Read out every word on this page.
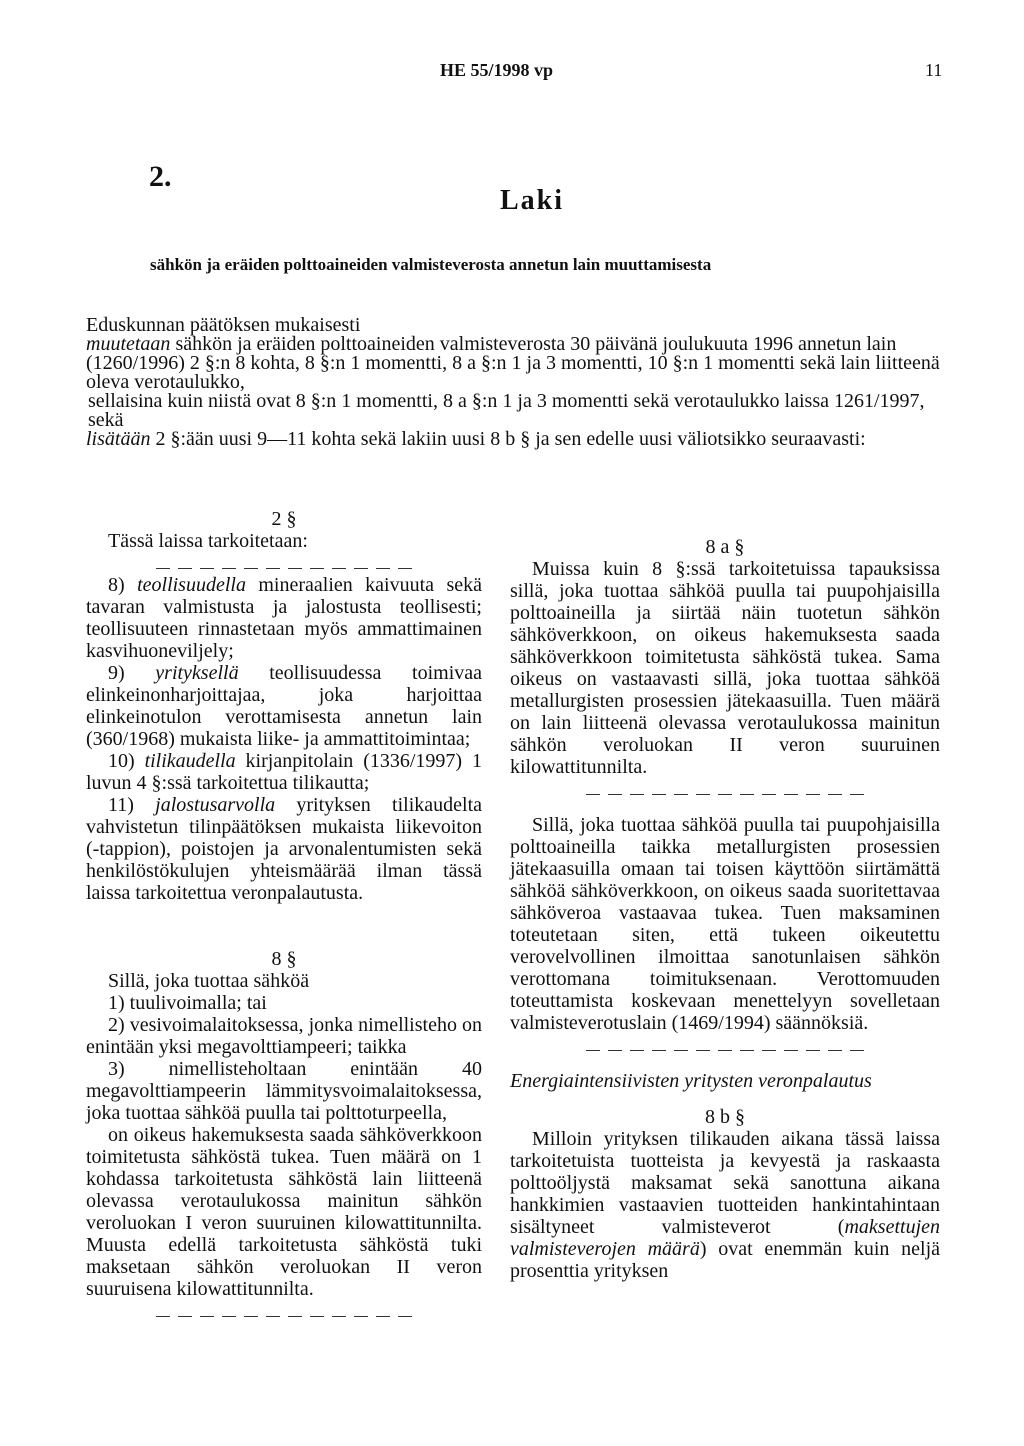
HE 55/1998 vp	11
2.
Laki
sähkön ja eräiden polttoaineiden valmisteverosta annetun lain muuttamisesta

Eduskunnan päätöksen mukaisesti

muutetaan sähkön ja eräiden polttoaineiden valmisteverosta 30 päivänä joulukuuta 1996 annetun lain (1260/1996) 2 §:n 8 kohta, 8 §:n 1 momentti, 8 a §:n 1 ja 3 momentti, 10 §:n 1 momentti sekä lain liitteenä oleva verotaulukko,

sellaisina kuin niistä ovat 8 §:n 1 momentti, 8 a §:n 1 ja 3 momentti sekä verotaulukko laissa 1261/1997, sekä

lisätään 2 §:ään uusi 9—11 kohta sekä lakiin uusi 8 b § ja sen edelle uusi väliotsikko seuraavasti:

2 §

Tässä laissa tarkoitetaan:

8) teollisuudella mineraalien kaivuuta sekä tavaran valmistusta ja jalostusta teollisesti; teollisuuteen rinnastetaan myös ammattimainen kasvihuoneviljely;

9) yrityksellä teollisuudessa toimivaa elinkeinonharjoittajaa, joka harjoittaa elinkeinotulon verottamisesta annetun lain (360/1968) mukaista liike- ja ammattitoimintaa;

10) tilikaudella kirjanpitolain (1336/1997) 1 luvun 4 §:ssä tarkoitettua tilikautta;

11) jalostusarvolla yrityksen tilikaudelta vahvistetun tilinpäätöksen mukaista liikevoiton (-tappion), poistojen ja arvonalentumisten sekä henkilöstökulujen yhteismäärää ilman tässä laissa tarkoitettua veronpalautusta.

8 §

Sillä, joka tuottaa sähköä

1) tuulivoimalla; tai

2) vesivoimalaitoksessa, jonka nimellisteho on enintään yksi megavolttiampeeri; taikka

3) nimellisteholtaan enintään 40 megavolttiampeerin lämmitysvoimalaitoksessa, joka tuottaa sähköä puulla tai polttoturpeella,

on oikeus hakemuksesta saada sähköverkkoon toimitetusta sähköstä tukea. Tuen määrä on 1 kohdassa tarkoitetusta sähköstä lain liitteenä olevassa verotaulukossa mainitun sähkön veroluokan I veron suuruinen kilowattitunnilta. Muusta edellä tarkoitetusta sähköstä tuki maksetaan sähkön veroluokan II veron suuruisena kilowattitunnilta.

8 a §

Muissa kuin 8 §:ssä tarkoitetuissa tapauksissa sillä, joka tuottaa sähköä puulla tai puupohjaisilla polttoaineilla ja siirtää näin tuotetun sähkön sähköverkkoon, on oikeus hakemuksesta saada sähköverkkoon toimitetusta sähköstä tukea. Sama oikeus on vastaavasti sillä, joka tuottaa sähköä metallurgisten prosessien jätekaasuilla. Tuen määrä on lain liitteenä olevassa verotaulukossa mainitun sähkön veroluokan II veron suuruinen kilowattitunnilta.

Sillä, joka tuottaa sähköä puulla tai puupohjaisilla polttoaineilla taikka metallurgisten prosessien jätekaasuilla omaan tai toisen käyttöön siirtämättä sähköä sähköverkkoon, on oikeus saada suoritettavaa sähköveroa vastaavaa tukea. Tuen maksaminen toteutetaan siten, että tukeen oikeutettu verovelvollinen ilmoittaa sanotunlaisen sähkön verottomana toimituksenaan. Verottomuuden toteuttamista koskevaan menettelyyn sovelletaan valmisteverotuslain (1469/1994) säännöksiä.

Energiaintensiivisten yritysten veronpalautus

8 b §

Milloin yrityksen tilikauden aikana tässä laissa tarkoitetuista tuotteista ja kevyestä ja raskaasta polttoöljystä maksamat sekä sanottuna aikana hankkimien vastaavien tuotteiden hankintahintaan sisältyneet valmisteverot (maksettujen valmisteverojen määrä) ovat enemmän kuin neljä prosenttia yrityksen
